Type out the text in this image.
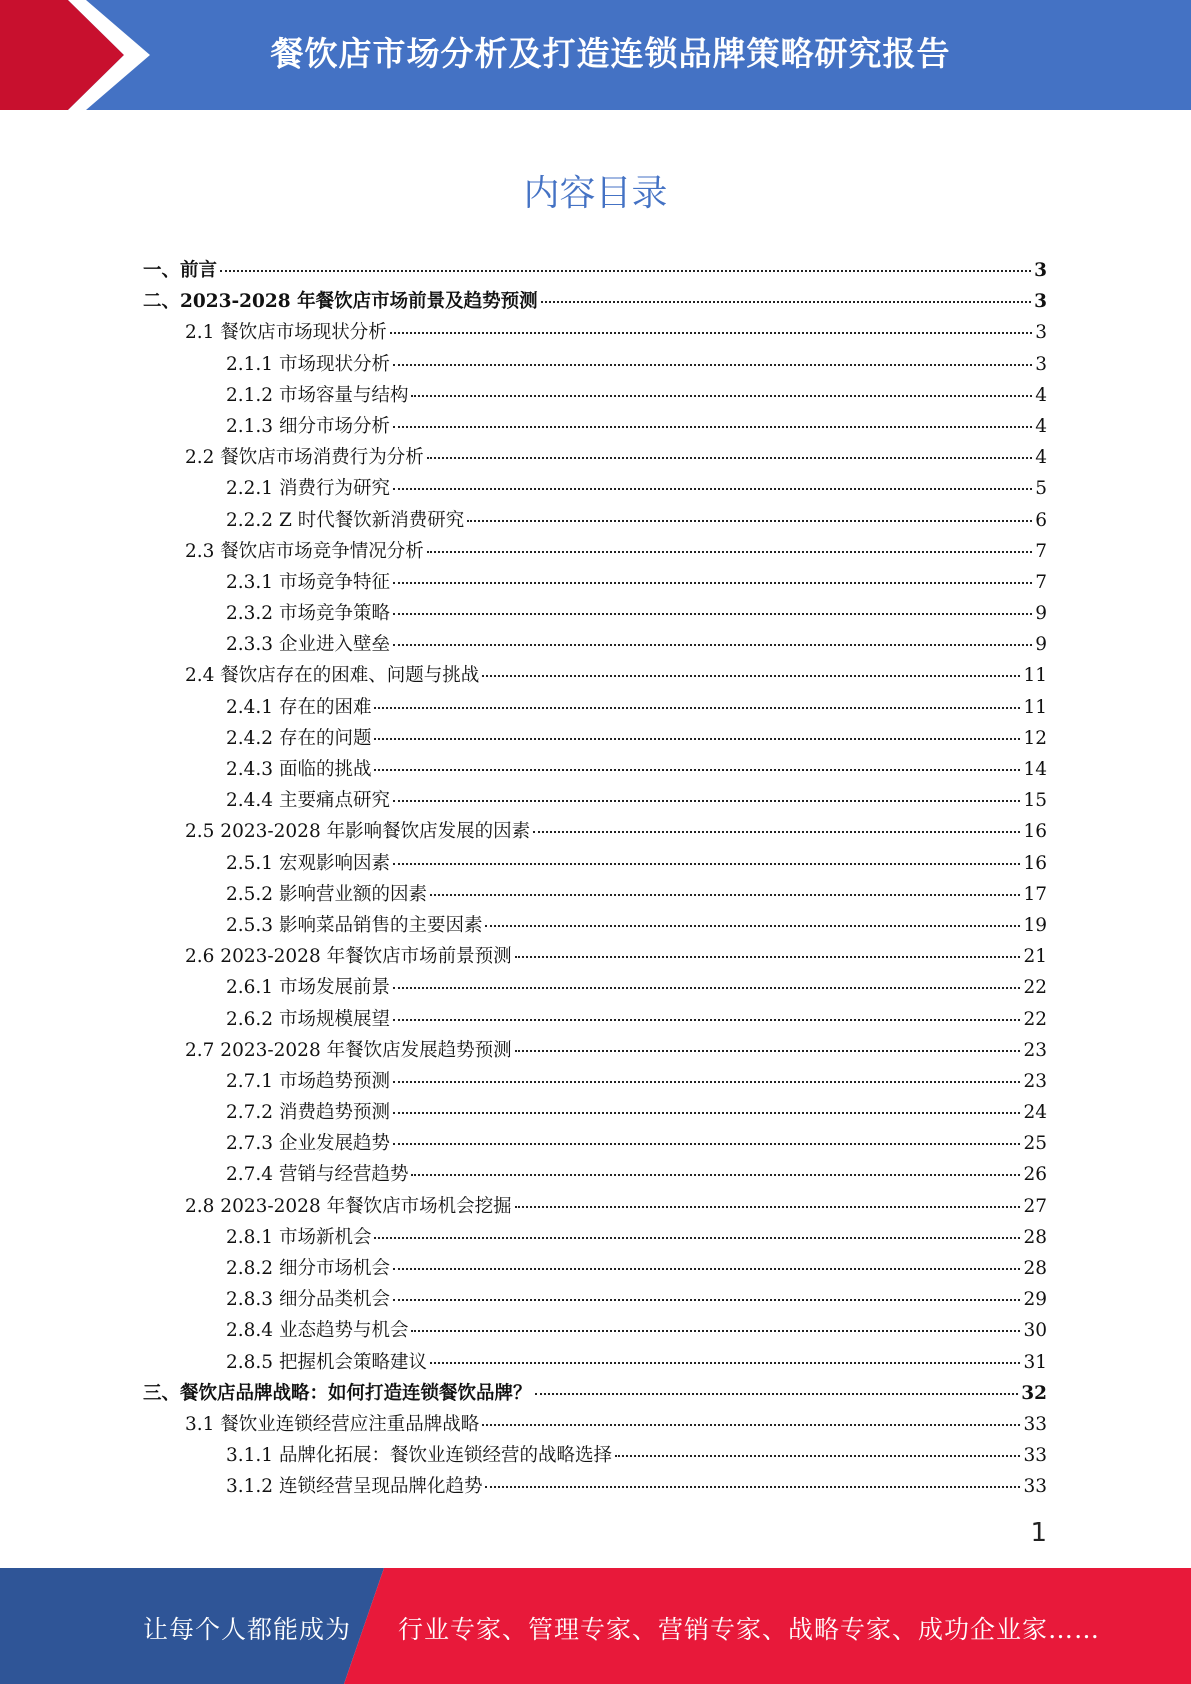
餐饮店市场分析及打造连锁品牌策略研究报告
内容目录
一、前言	3
二、2023-2028 年餐饮店市场前景及趋势预测	3
2.1 餐饮店市场现状分析	3
2.1.1 市场现状分析	3
2.1.2 市场容量与结构	4
2.1.3 细分市场分析	4
2.2 餐饮店市场消费行为分析	4
2.2.1 消费行为研究	5
2.2.2 Z 时代餐饮新消费研究	6
2.3 餐饮店市场竞争情况分析	7
2.3.1 市场竞争特征	7
2.3.2 市场竞争策略	9
2.3.3 企业进入壁垒	9
2.4 餐饮店存在的困难、问题与挑战	11
2.4.1 存在的困难	11
2.4.2 存在的问题	12
2.4.3 面临的挑战	14
2.4.4 主要痛点研究	15
2.5 2023-2028 年影响餐饮店发展的因素	16
2.5.1 宏观影响因素	16
2.5.2 影响营业额的因素	17
2.5.3 影响菜品销售的主要因素	19
2.6 2023-2028 年餐饮店市场前景预测	21
2.6.1 市场发展前景	22
2.6.2 市场规模展望	22
2.7 2023-2028 年餐饮店发展趋势预测	23
2.7.1 市场趋势预测	23
2.7.2 消费趋势预测	24
2.7.3 企业发展趋势	25
2.7.4 营销与经营趋势	26
2.8 2023-2028 年餐饮店市场机会挖掘	27
2.8.1 市场新机会	28
2.8.2 细分市场机会	28
2.8.3 细分品类机会	29
2.8.4 业态趋势与机会	30
2.8.5 把握机会策略建议	31
三、餐饮店品牌战略：如何打造连锁餐饮品牌？	32
3.1 餐饮业连锁经营应注重品牌战略	33
3.1.1 品牌化拓展：餐饮业连锁经营的战略选择	33
3.1.2 连锁经营呈现品牌化趋势	33
1
让每个人都能成为 行业专家、管理专家、营销专家、战略专家、成功企业家……
